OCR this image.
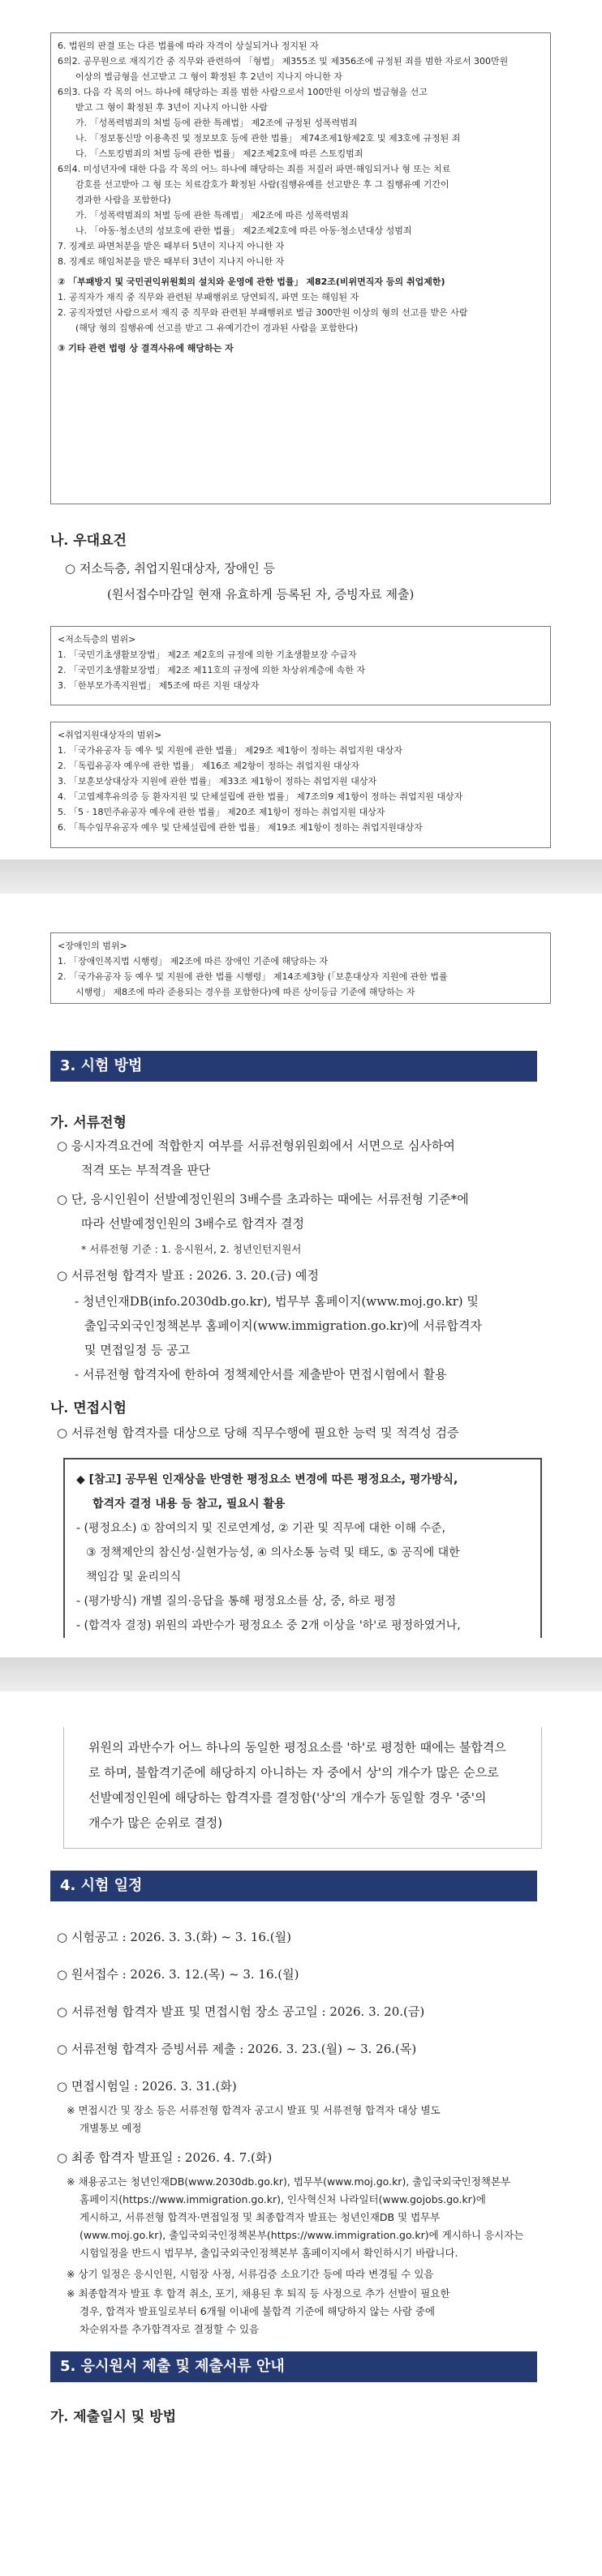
6. 법원의 판결 또는 다른 법률에 따라 자격이 상실되거나 정지된 자

6의2. 공무원으로 재직기간 중 직무와 관련하여 「형법」 제355조 및 제356조에 규정된 죄를 범한 자로서 300만원

이상의 벌금형을 선고받고 그 형이 확정된 후 2년이 지나지 아니한 자

6의3. 다음 각 목의 어느 하나에 해당하는 죄를 범한 사람으로서 100만원 이상의 벌금형을 선고

받고 그 형이 확정된 후 3년이 지나지 아니한 사람

가. 「성폭력범죄의 처벌 등에 관한 특례법」 제2조에 규정된 성폭력범죄

나. 「정보통신망 이용촉진 및 정보보호 등에 관한 법률」 제74조제1항제2호 및 제3호에 규정된 죄

다. 「스토킹범죄의 처벌 등에 관한 법률」 제2조제2호에 따른 스토킹범죄

6의4. 미성년자에 대한 다음 각 목의 어느 하나에 해당하는 죄를 저질러 파면·해임되거나 형 또는 치료

감호를 선고받아 그 형 또는 치료감호가 확정된 사람(집행유예를 선고받은 후 그 집행유예 기간이

경과한 사람을 포함한다)

가. 「성폭력범죄의 처벌 등에 관한 특례법」 제2조에 따른 성폭력범죄

나. 「아동·청소년의 성보호에 관한 법률」 제2조제2호에 따른 아동·청소년대상 성범죄

7. 징계로 파면처분을 받은 때부터 5년이 지나지 아니한 자

8. 징계로 해임처분을 받은 때부터 3년이 지나지 아니한 자

② 「부패방지 및 국민권익위원회의 설치와 운영에 관한 법률」 제82조(비위면직자 등의 취업제한)

1. 공직자가 재직 중 직무와 관련된 부패행위로 당연퇴직, 파면 또는 해임된 자

2. 공직자였던 사람으로서 재직 중 직무와 관련된 부패행위로 벌금 300만원 이상의 형의 선고를 받은 사람

(해당 형의 집행유예 선고를 받고 그 유예기간이 경과된 사람을 포함한다)

③ 기타 관련 법령 상 결격사유에 해당하는 자

나. 우대요건
○ 저소득층, 취업지원대상자, 장애인 등
(원서접수마감일 현재 유효하게 등록된 자, 증빙자료 제출)

<저소득층의 범위>

1. 「국민기초생활보장법」 제2조 제2호의 규정에 의한 기초생활보장 수급자

2. 「국민기초생활보장법」 제2조 제11호의 규정에 의한 차상위계층에 속한 자

3. 「한부모가족지원법」 제5조에 따른 지원 대상자

<취업지원대상자의 범위>

1. 「국가유공자 등 예우 및 지원에 관한 법률」 제29조 제1항이 정하는 취업지원 대상자

2. 「독립유공자 예우에 관한 법률」 제16조 제2항이 정하는 취업지원 대상자

3. 「보훈보상대상자 지원에 관한 법률」 제33조 제1항이 정하는 취업지원 대상자

4. 「고엽제후유의증 등 환자지원 및 단체설립에 관한 법률」 제7조의9 제1항이 정하는 취업지원 대상자

5. 「5 · 18민주유공자 예우에 관한 법률」 제20조 제1항이 정하는 취업지원 대상자

6. 「특수임무유공자 예우 및 단체설립에 관한 법률」 제19조 제1항이 정하는 취업지원대상자

<장애인의 범위>

1. 「장애인복지법 시행령」 제2조에 따른 장애인 기준에 해당하는 자

2. 「국가유공자 등 예우 및 지원에 관한 법률 시행령」 제14조제3항 (「보훈대상자 지원에 관한 법률

시행령」 제8조에 따라 준용되는 경우를 포함한다)에 따른 상이등급 기준에 해당하는 자

3. 시험 방법
가. 서류전형
○ 응시자격요건에 적합한지 여부를 서류전형위원회에서 서면으로 심사하여
적격 또는 부적격을 판단
○ 단, 응시인원이 선발예정인원의 3배수를 초과하는 때에는 서류전형 기준*에
따라 선발예정인원의 3배수로 합격자 결정
* 서류전형 기준 : 1. 응시원서, 2. 청년인턴지원서
○ 서류전형 합격자 발표 : 2026. 3. 20.(금) 예정
- 청년인재DB(info.2030db.go.kr), 법무부 홈페이지(www.moj.go.kr) 및
출입국외국인정책본부 홈페이지(www.immigration.go.kr)에 서류합격자
및 면접일정 등 공고
- 서류전형 합격자에 한하여 정책제안서를 제출받아 면접시험에서 활용
나. 면접시험
○ 서류전형 합격자를 대상으로 당해 직무수행에 필요한 능력 및 적격성 검증

◆ [참고] 공무원 인재상을 반영한 평정요소 변경에 따른 평정요소, 평가방식,

합격자 결정 내용 등 참고, 필요시 활용

- (평정요소) ① 참여의지 및 진로연계성, ② 기관 및 직무에 대한 이해 수준,

③ 정책제안의 참신성·실현가능성, ④ 의사소통 능력 및 태도, ⑤ 공직에 대한

책임감 및 윤리의식

- (평가방식) 개별 질의·응답을 통해 평정요소를 상, 중, 하로 평정

- (합격자 결정) 위원의 과반수가 평정요소 중 2개 이상을 '하'로 평정하였거나,

위원의 과반수가 어느 하나의 동일한 평정요소를 '하'로 평정한 때에는 불합격으

로 하며, 불합격기준에 해당하지 아니하는 자 중에서 상'의 개수가 많은 순으로

선발예정인원에 해당하는 합격자를 결정함('상'의 개수가 동일할 경우 '중'의

개수가 많은 순위로 결정)

4. 시험 일정
○ 시험공고 : 2026. 3. 3.(화) ~ 3. 16.(월)
○ 원서접수 : 2026. 3. 12.(목) ~ 3. 16.(월)
○ 서류전형 합격자 발표 및 면접시험 장소 공고일 : 2026. 3. 20.(금)
○ 서류전형 합격자 증빙서류 제출 : 2026. 3. 23.(월) ~ 3. 26.(목)
○ 면접시험일 : 2026. 3. 31.(화)
※ 면접시간 및 장소 등은 서류전형 합격자 공고시 발표 및 서류전형 합격자 대상 별도
개별통보 예정
○ 최종 합격자 발표일 : 2026. 4. 7.(화)
※ 채용공고는 청년인재DB(www.2030db.go.kr), 법무부(www.moj.go.kr), 출입국외국인정책본부
홈페이지(https://www.immigration.go.kr), 인사혁신처 나라일터(www.gojobs.go.kr)에
게시하고, 서류전형 합격자·면접일정 및 최종합격자 발표는 청년인재DB 및 법무부
(www.moj.go.kr), 출입국외국인정책본부(https://www.immigration.go.kr)에 게시하니 응시자는
시험일정을 반드시 법무부, 출입국외국인정책본부 홈페이지에서 확인하시기 바랍니다.
※ 상기 일정은 응시인원, 시험장 사정, 서류검증 소요기간 등에 따라 변경될 수 있음
※ 최종합격자 발표 후 합격 취소, 포기, 채용된 후 퇴직 등 사정으로 추가 선발이 필요한
경우, 합격자 발표일로부터 6개월 이내에 불합격 기준에 해당하지 않는 사람 중에
차순위자를 추가합격자로 결정할 수 있음
5. 응시원서 제출 및 제출서류 안내
가. 제출일시 및 방법
